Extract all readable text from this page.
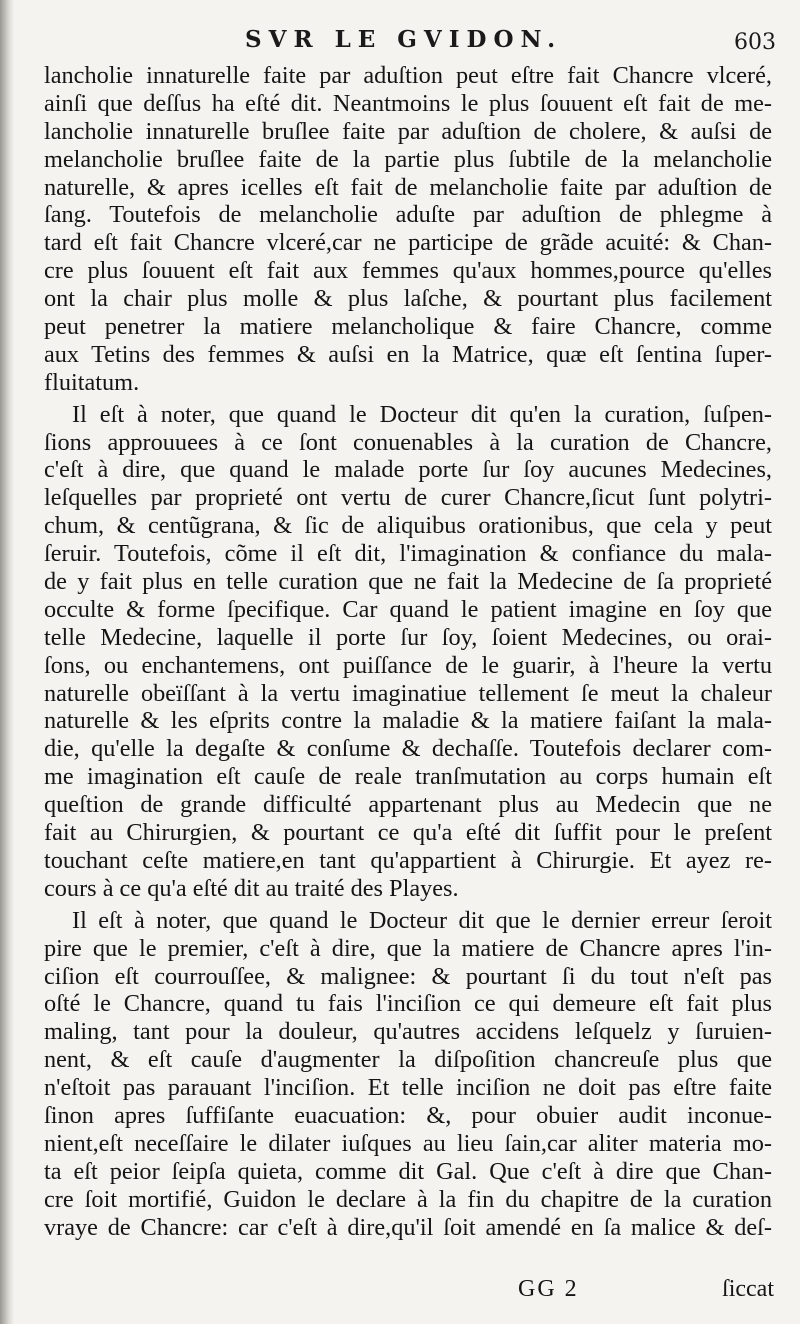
SVR LE GVIDON.	603
lancholie innaturelle faite par aduſtion peut eſtre fait Chancre vlceré,
ainſi que deſſus ha eſté dit. Neantmoins le plus ſouuent eſt fait de me-
lancholie innaturelle bruſlee faite par aduſtion de cholere, & auſsi de
melancholie bruſlee faite de la partie plus ſubtile de la melancholie
naturelle, & apres icelles eſt fait de melancholie faite par aduſtion de
ſang. Toutefois de melancholie aduſte par aduſtion de phlegme à
tard eſt fait Chancre vlceré,car ne participe de grãde acuité: & Chan-
cre plus ſouuent eſt fait aux femmes qu'aux hommes,pource qu'elles
ont la chair plus molle & plus laſche, & pourtant plus facilement
peut penetrer la matiere melancholique & faire Chancre, comme
aux Tetins des femmes & auſsi en la Matrice, quæ eſt ſentina ſuper-
fluitatum.
Il eſt à noter, que quand le Docteur dit qu'en la curation, ſuſpen-
ſions approuuees à ce ſont conuenables à la curation de Chancre,
c'eſt à dire, que quand le malade porte ſur ſoy aucunes Medecines,
leſquelles par proprieté ont vertu de curer Chancre,ſicut ſunt polytri-
chum, & centũgrana, & ſic de aliquibus orationibus, que cela y peut
ſeruir. Toutefois, cõme il eſt dit, l'imagination & confiance du mala-
de y fait plus en telle curation que ne fait la Medecine de ſa proprieté
occulte & forme ſpecifique. Car quand le patient imagine en ſoy que
telle Medecine, laquelle il porte ſur ſoy, ſoient Medecines, ou orai-
ſons, ou enchantemens, ont puiſſance de le guarir, à l'heure la vertu
naturelle obeïſſant à la vertu imaginatiue tellement ſe meut la chaleur
naturelle & les eſprits contre la maladie & la matiere faiſant la mala-
die, qu'elle la degaſte & conſume & dechaſſe. Toutefois declarer com-
me imagination eſt cauſe de reale tranſmutation au corps humain eſt
queſtion de grande difficulté appartenant plus au Medecin que ne
fait au Chirurgien, & pourtant ce qu'a eſté dit ſuffit pour le preſent
touchant ceſte matiere,en tant qu'appartient à Chirurgie. Et ayez re-
cours à ce qu'a eſté dit au traité des Playes.
Il eſt à noter, que quand le Docteur dit que le dernier erreur ſeroit
pire que le premier, c'eſt à dire, que la matiere de Chancre apres l'in-
ciſion eſt courrouſſee, & malignee: & pourtant ſi du tout n'eſt pas
oſté le Chancre, quand tu fais l'inciſion ce qui demeure eſt fait plus
maling, tant pour la douleur, qu'autres accidens leſquelz y ſuruien-
nent, & eſt cauſe d'augmenter la diſpoſition chancreuſe plus que
n'eſtoit pas parauant l'inciſion. Et telle inciſion ne doit pas eſtre faite
ſinon apres ſuffiſante euacuation: &, pour obuier audit inconue-
nient,eſt neceſſaire le dilater iuſques au lieu ſain,car aliter materia mo-
ta eſt peior ſeipſa quieta, comme dit Gal. Que c'eſt à dire que Chan-
cre ſoit mortifié, Guidon le declare à la fin du chapitre de la curation
vraye de Chancre: car c'eſt à dire,qu'il ſoit amendé en ſa malice & deſ-
GG 2	ſiccat
